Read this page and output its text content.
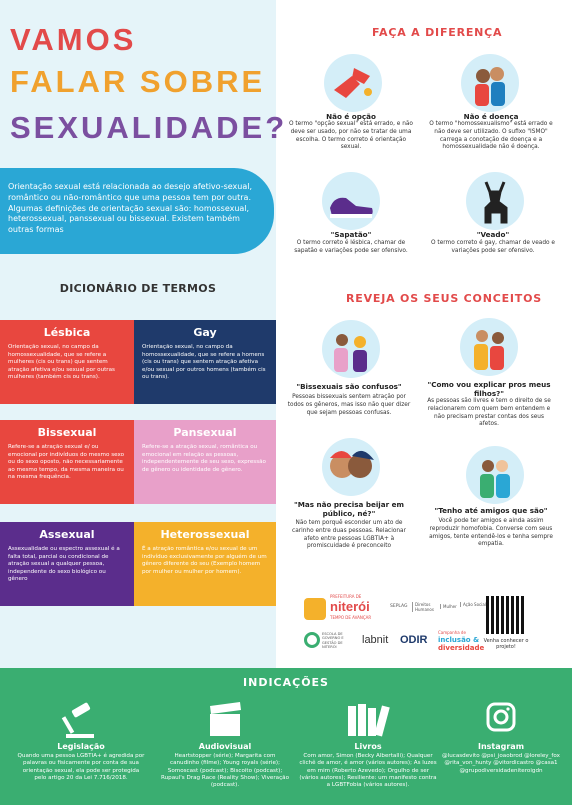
VAMOS
FALAR SOBRE
SEXUALIDADE?

Orientação sexual está relacionada ao desejo afetivo-sexual, romântico ou não-romântico que uma pessoa tem por outra. Algumas definições de orientação sexual são: homossexual, heterossexual, panssexual ou bissexual. Existem também outras formas

DICIONÁRIO DE TERMOS
Lésbica

Orientação sexual, no campo da homossexualidade, que se refere a mulheres (cis ou trans) que sentem atração afetiva e/ou sexual por outras mulheres (também cis ou trans).

Gay

Orientação sexual, no campo da homossexualidade, que se refere a homens (cis ou trans) que sentem atração afetiva e/ou sexual por outros homens (também cis ou trans).

Bissexual

Refere-se a atração sexual e/ ou emocional por indivíduos do mesmo sexo ou do sexo oposto, não necessariamente ao mesmo tempo, da mesma maneira ou na mesma frequência.

Pansexual

Refere-se a atração sexual, romântica ou emocional em relação as pessoas, independentemente de seu sexo, expressão de gênero ou identidade de gênero.

Assexual

Assexualidade ou espectro assexual é a falta total, parcial ou condicional de atração sexual a qualquer pessoa, independente do sexo biológico ou gênero

Heterossexual

É a atração romântica e/ou sexual de um indivíduo exclusivamente por alguém de um gênero diferente do seu (Exemplo homem por mulher ou mulher por homem).

FAÇA A DIFERENÇA
Não é opção
O termo "opção sexual" está errado, e não deve ser usado, por não se tratar de uma escolha. O termo correto é orientação sexual.
Não é doença
O termo "homossexualismo" está errado e não deve ser utilizado. O sufixo "ISMO" carrega a conotação de doença e a homossexualidade não é doença.
"Sapatão"
O termo correto é lésbica, chamar de sapatão e variações pode ser ofensivo.
"Veado"
O termo correto é gay, chamar de veado e variações pode ser ofensivo.
REVEJA OS SEUS CONCEITOS
"Bissexuais são confusos"
Pessoas bissexuais sentem atração por todos os gêneros, mas isso não quer dizer que sejam pessoas confusas.
"Como vou explicar pros meus filhos?"
As pessoas são livres e tem o direito de se relacionarem com quem bem entendem e não precisam prestar contas dos seus afetos.
"Mas não precisa beijar em público, né?"
Não tem porquê esconder um ato de carinho entre duas pessoas. Relacionar afeto entre pessoas LGBTIA+ à promiscuidade é preconceito
"Tenho até amigos que são"
Você pode ter amigos e ainda assim reproduzir homofobia. Converse com seus amigos, tente entendê-los e tenha sempre empatia.
PREFEITURA DE
niterói
TEMPO DE AVANÇAR
SEPLAG	Direitos Humanos
Mulher	Ação Social
Venha conhecer o projeto!
ESCOLA DE GOVERNO E GESTÃO DE NITERÓI
labnit ODIR
Campanha de
inclusão &
diversidade
INDICAÇÕES
Legislação

Quando uma pessoa LGBTIA+ é agredida por palavras ou fisicamente por conta de sua orientação sexual, ela pode ser protegida pelo artigo 20 da Lei 7.716/2018.

Audiovisual

Heartstopper (série); Margarita com canudinho (filme); Young royals (série); Somoscast (podcast); Biscoito (podcast); Rupaul's Drag Race (Reality Show); Viveração (podcast).

Livros

Com amor, Simon (Becky Albertalli); Qualquer clichê de amor, é amor (vários autores); As luzes em mim (Roberto Azevedo); Orgulho de ser (vários autores); Resiliente: um manifesto contra a LGBTFobia (vários autores).

Instagram

@lucasdevito @psi_joaobrod @loreley_fox @rita_von_hunty @vitordicastro @casa1 @grupodiversidadeniteroigdn
